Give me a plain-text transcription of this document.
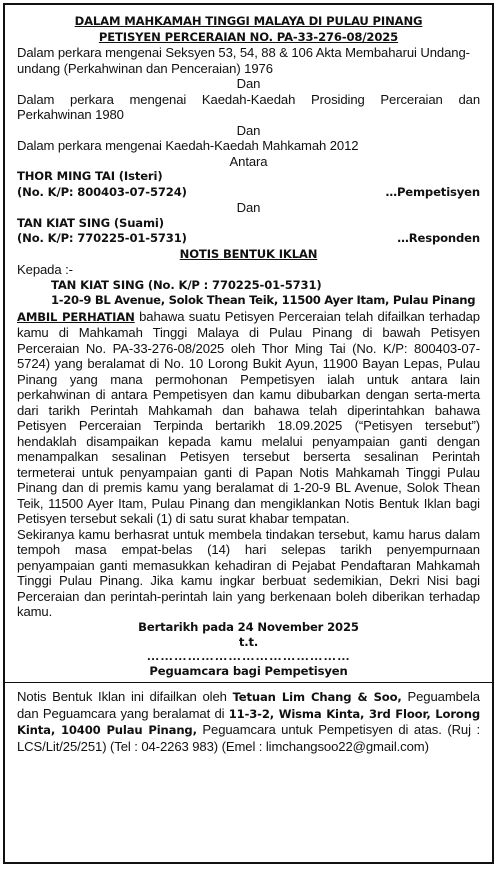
DALAM MAHKAMAH TINGGI MALAYA DI PULAU PINANG
PETISYEN PERCERAIAN NO. PA-33-276-08/2025

Dalam perkara mengenai Seksyen 53, 54, 88 & 106 Akta Membaharui Undang-undang (Perkahwinan dan Penceraian) 1976

Dan

Dalam perkara mengenai Kaedah-Kaedah Prosiding Perceraian dan Perkahwinan 1980

Dan

Dalam perkara mengenai Kaedah-Kaedah Mahkamah 2012

Antara
THOR MING TAI (Isteri)
(No. K/P: 800403-07-5724)	…Pempetisyen
Dan
TAN KIAT SING (Suami)
(No. K/P: 770225-01-5731)	…Responden
NOTIS BENTUK IKLAN
Kepada :-
TAN KIAT SING (No. K/P : 770225-01-5731)
1-20-9 BL Avenue, Solok Thean Teik, 11500 Ayer Itam, Pulau Pinang

AMBIL PERHATIAN bahawa suatu Petisyen Perceraian telah difailkan terhadap kamu di Mahkamah Tinggi Malaya di Pulau Pinang di bawah Petisyen Perceraian No. PA-33-276-08/2025 oleh Thor Ming Tai (No. K/P: 800403-07-5724) yang beralamat di No. 10 Lorong Bukit Ayun, 11900 Bayan Lepas, Pulau Pinang yang mana permohonan Pempetisyen ialah untuk antara lain perkahwinan di antara Pempetisyen dan kamu dibubarkan dengan serta-merta dari tarikh Perintah Mahkamah dan bahawa telah diperintahkan bahawa Petisyen Perceraian Terpinda bertarikh 18.09.2025 (“Petisyen tersebut”) hendaklah disampaikan kepada kamu melalui penyampaian ganti dengan menampalkan sesalinan Petisyen tersebut berserta sesalinan Perintah termeterai untuk penyampaian ganti di Papan Notis Mahkamah Tinggi Pulau Pinang dan di premis kamu yang beralamat di 1-20-9 BL Avenue, Solok Thean Teik, 11500 Ayer Itam, Pulau Pinang dan mengiklankan Notis Bentuk Iklan bagi Petisyen tersebut sekali (1) di satu surat khabar tempatan.

Sekiranya kamu berhasrat untuk membela tindakan tersebut, kamu harus dalam tempoh masa empat-belas (14) hari selepas tarikh penyempurnaan penyampaian ganti memasukkan kehadiran di Pejabat Pendaftaran Mahkamah Tinggi Pulau Pinang. Jika kamu ingkar berbuat sedemikian, Dekri Nisi bagi Perceraian dan perintah-perintah lain yang berkenaan boleh diberikan terhadap kamu.

Bertarikh pada 24 November 2025
t.t.
………………………………………
Peguamcara bagi Pempetisyen

Notis Bentuk Iklan ini difailkan oleh Tetuan Lim Chang & Soo, Peguambela dan Peguamcara yang beralamat di 11-3-2, Wisma Kinta, 3rd Floor, Lorong Kinta, 10400 Pulau Pinang, Peguamcara untuk Pempetisyen di atas. (Ruj : LCS/Lit/25/251) (Tel : 04-2263 983) (Emel : limchangsoo22@gmail.com)
